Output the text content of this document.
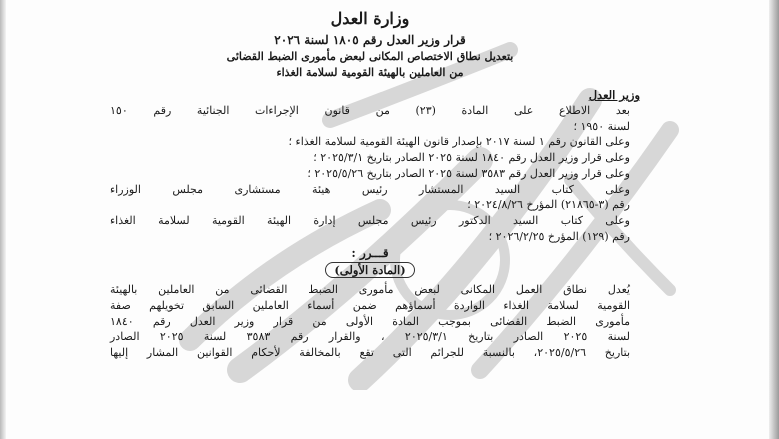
وزارة العدل
قرار وزير العدل رقم ١٨٠٥ لسنة ٢٠٢٦
بتعديل نطاق الاختصاص المكانى لبعض مأمورى الضبط القضائى
من العاملين بالهيئة القومية لسلامة الغذاء
وزير العدل
بعد الاطلاع على المادة (٢٣) من قانون الإجراءات الجنائية رقم ١٥٠
لسنة ١٩٥٠ ؛
وعلى القانون رقم ١ لسنة ٢٠١٧ بإصدار قانون الهيئة القومية لسلامة الغذاء ؛
وعلى قرار وزير العدل رقم ١٨٤٠ لسنة ٢٠٢٥ الصادر بتاريخ ٢٠٢٥/٣/١ ؛
وعلى قرار وزير العدل رقم ٣٥٨٣ لسنة ٢٠٢٥ الصادر بتاريخ ٢٠٢٥/٥/٢٦ ؛
وعلى كتاب السيد المستشار رئيس هيئة مستشارى مجلس الوزراء
رقم (٣-٢١٨٦٥) المؤرخ ٢٠٢٤/٨/٢٦ ؛
وعلى كتاب السيد الدكتور رئيس مجلس إدارة الهيئة القومية لسلامة الغذاء
رقم (١٢٩) المؤرخ ٢٠٢٦/٢/٢٥ ؛
قـــرر :
(المادة الأولى)
يُعدل نطاق العمل المكانى لبعض مأمورى الضبط القضائى من العاملين بالهيئة
القومية لسلامة الغذاء الواردة أسماؤهم ضمن أسماء العاملين السابق تخويلهم صفة
مأمورى الضبط القضائى بموجب المادة الأولى من قرار وزير العدل رقم ١٨٤٠
لسنة ٢٠٢٥ الصادر بتاريخ ٢٠٢٥/٣/١ ، والقرار رقم ٣٥٨٣ لسنة ٢٠٢٥ الصادر
بتاريخ ٢٠٢٥/٥/٢٦، بالنسبة للجرائم التى تقع بالمخالفة لأحكام القوانين المشار إليها
